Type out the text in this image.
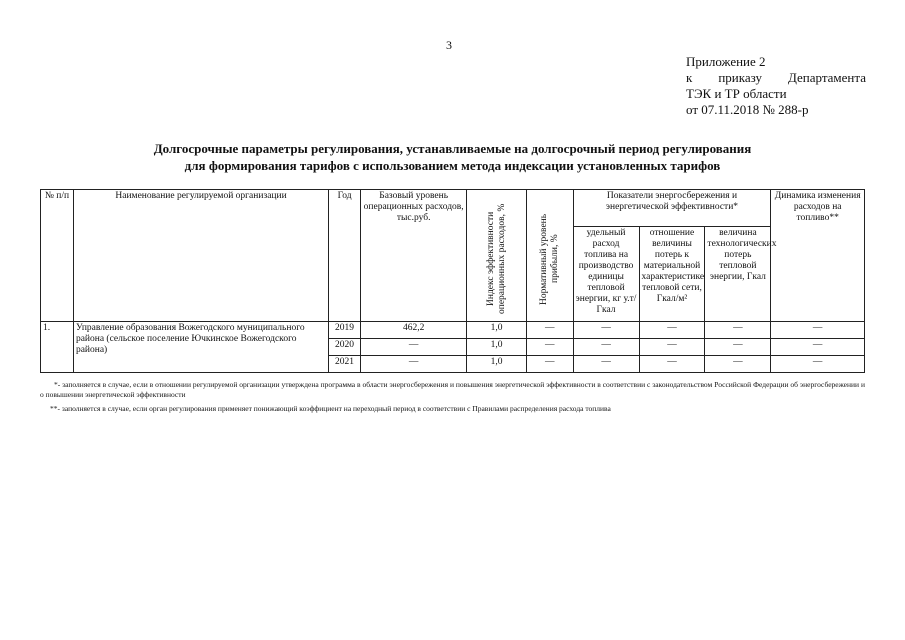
3
Приложение 2
к приказу Департамента
ТЭК и ТР области
от 07.11.2018 № 288-р
Долгосрочные параметры регулирования, устанавливаемые на долгосрочный период регулирования
для формирования тарифов с использованием метода индексации установленных тарифов
№ п/п	Наименование регулируемой организации	Год	Базовый уровень операционных расходов, тыс.руб.	Индекс эффективности операционных расходов, %	Нормативный уровень прибыли, %	Показатели энергосбережения и энергетической эффективности*			Динамика изменения расходов на топливо**
						удельный расход топлива на производство единицы тепловой энергии, кг у.т/Гкал	отношение величины потерь к материальной характеристике тепловой сети, Гкал/м²	величина технологических потерь тепловой энергии, Гкал	
1.	Управление образования Вожегодского муниципального района (сельское поселение Ючкинское Вожегодского района)	2019	462,2	1,0	—	—	—	—	—
		2020	—	1,0	—	—	—	—	—
		2021	—	1,0	—	—	—	—	—

*- заполняется в случае, если в отношении регулируемой организации утверждена программа в области энергосбережения и повышения энергетической эффективности в соответствии с законодательством Российской Федерации об энергосбережении и о повышении энергетической эффективности

**- заполняется в случае, если орган регулирования применяет понижающий коэффициент на переходный период в соответствии с Правилами распределения расхода топлива
